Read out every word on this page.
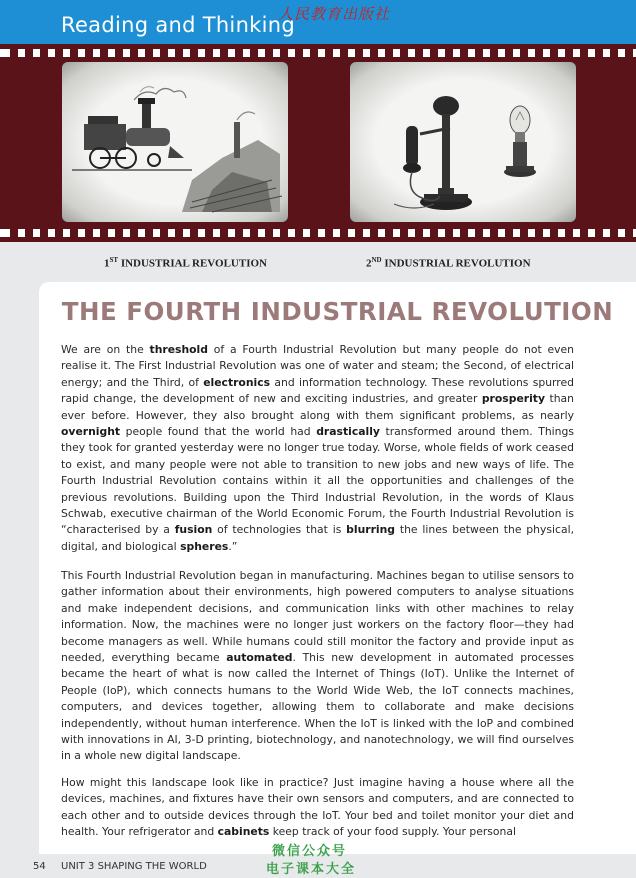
Reading and Thinking
人民教育出版社
1ST INDUSTRIAL REVOLUTION	2ND INDUSTRIAL REVOLUTION
THE FOURTH INDUSTRIAL REVOLUTION

We are on the threshold of a Fourth Industrial Revolution but many people do not even realise it. The First Industrial Revolution was one of water and steam; the Second, of electrical energy; and the Third, of electronics and information technology. These revolutions spurred rapid change, the development of new and exciting industries, and greater prosperity than ever before. However, they also brought along with them significant problems, as nearly overnight people found that the world had drastically transformed around them. Things they took for granted yesterday were no longer true today. Worse, whole fields of work ceased to exist, and many people were not able to transition to new jobs and new ways of life. The Fourth Industrial Revolution contains within it all the opportunities and challenges of the previous revolutions. Building upon the Third Industrial Revolution, in the words of Klaus Schwab, executive chairman of the World Economic Forum, the Fourth Industrial Revolution is “characterised by a fusion of technologies that is blurring the lines between the physical, digital, and biological spheres.”

This Fourth Industrial Revolution began in manufacturing. Machines began to utilise sensors to gather information about their environments, high powered computers to analyse situations and make independent decisions, and communication links with other machines to relay information. Now, the machines were no longer just workers on the factory floor—they had become managers as well. While humans could still monitor the factory and provide input as needed, everything became automated. This new development in automated processes became the heart of what is now called the Internet of Things (IoT). Unlike the Internet of People (IoP), which connects humans to the World Wide Web, the IoT connects machines, computers, and devices together, allowing them to collaborate and make decisions independently, without human interference. When the IoT is linked with the IoP and combined with innovations in AI, 3-D printing, biotechnology, and nanotechnology, we will find ourselves in a whole new digital landscape.

How might this landscape look like in practice? Just imagine having a house where all the devices, machines, and fixtures have their own sensors and computers, and are connected to each other and to outside devices through the IoT. Your bed and toilet monitor your diet and health. Your refrigerator and cabinets keep track of your food supply. Your personal

54 UNIT 3 SHAPING THE WORLD
微信公众号
电子课本大全
